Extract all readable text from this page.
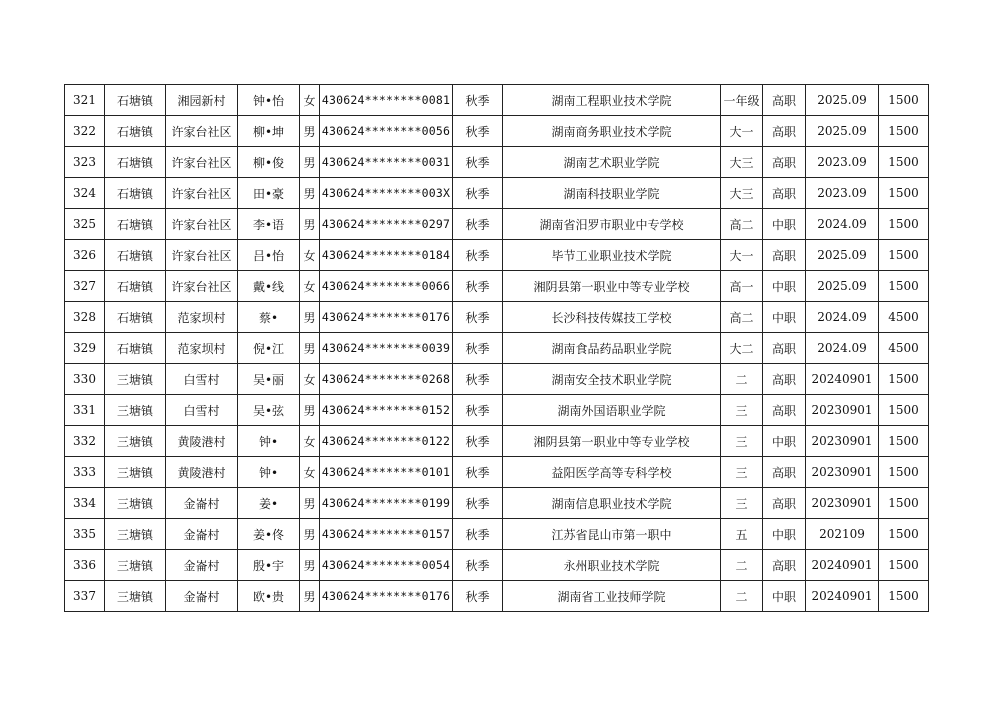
321	石塘镇	湘园新村	钟•怡	女	430624********0081	秋季	湖南工程职业技术学院	一年级	高职	2025.09	1500
322	石塘镇	许家台社区	柳•坤	男	430624********0056	秋季	湖南商务职业技术学院	大一	高职	2025.09	1500
323	石塘镇	许家台社区	柳•俊	男	430624********0031	秋季	湖南艺术职业学院	大三	高职	2023.09	1500
324	石塘镇	许家台社区	田•豪	男	430624********003X	秋季	湖南科技职业学院	大三	高职	2023.09	1500
325	石塘镇	许家台社区	李•语	男	430624********0297	秋季	湖南省汨罗市职业中专学校	高二	中职	2024.09	1500
326	石塘镇	许家台社区	吕•怡	女	430624********0184	秋季	毕节工业职业技术学院	大一	高职	2025.09	1500
327	石塘镇	许家台社区	戴•线	女	430624********0066	秋季	湘阴县第一职业中等专业学校	高一	中职	2025.09	1500
328	石塘镇	范家坝村	蔡•	男	430624********0176	秋季	长沙科技传媒技工学校	高二	中职	2024.09	4500
329	石塘镇	范家坝村	倪•江	男	430624********0039	秋季	湖南食品药品职业学院	大二	高职	2024.09	4500
330	三塘镇	白雪村	吴•丽	女	430624********0268	秋季	湖南安全技术职业学院	二	高职	20240901	1500
331	三塘镇	白雪村	吴•弦	男	430624********0152	秋季	湖南外国语职业学院	三	高职	20230901	1500
332	三塘镇	黄陵港村	钟•	女	430624********0122	秋季	湘阴县第一职业中等专业学校	三	中职	20230901	1500
333	三塘镇	黄陵港村	钟•	女	430624********0101	秋季	益阳医学高等专科学校	三	高职	20230901	1500
334	三塘镇	金崙村	姜•	男	430624********0199	秋季	湖南信息职业技术学院	三	高职	20230901	1500
335	三塘镇	金崙村	姜•佟	男	430624********0157	秋季	江苏省昆山市第一职中	五	中职	202109	1500
336	三塘镇	金崙村	殷•宇	男	430624********0054	秋季	永州职业技术学院	二	高职	20240901	1500
337	三塘镇	金崙村	欧•贵	男	430624********0176	秋季	湖南省工业技师学院	二	中职	20240901	1500
